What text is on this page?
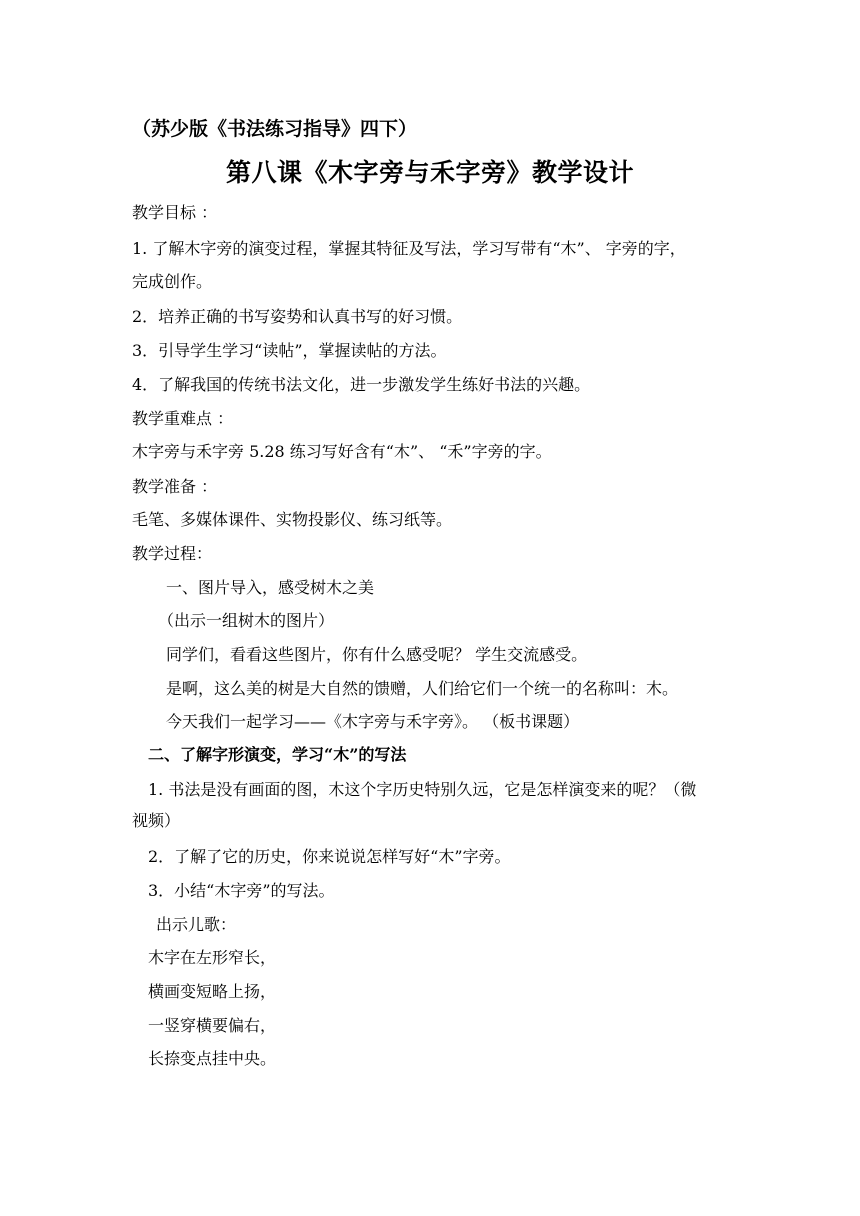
（苏少版《书法练习指导》四下）
第八课《木字旁与禾字旁》教学设计
教学目标 ：
1. 了解木字旁的演变过程，掌握其特征及写法，学习写带有“木”、 字旁的字，
完成创作。
2．培养正确的书写姿势和认真书写的好习惯。
3．引导学生学习“读帖”，掌握读帖的方法。
4．了解我国的传统书法文化，进一步激发学生练好书法的兴趣。
教学重难点 ：
木字旁与禾字旁 5.28 练习写好含有“木”、 “禾”字旁的字。
教学准备 ：
毛笔、多媒体课件、实物投影仪、练习纸等。
教学过程：
一、图片导入，感受树木之美
（出示一组树木的图片）
同学们，看看这些图片，你有什么感受呢？ 学生交流感受。
是啊，这么美的树是大自然的馈赠，人们给它们一个统一的名称叫：木。
今天我们一起学习——《木字旁与禾字旁》。 （板书课题）
二、了解字形演变，学习“木”的写法
1. 书法是没有画面的图，木这个字历史特别久远，它是怎样演变来的呢？（微
视频）
2．了解了它的历史，你来说说怎样写好“木”字旁。
3．小结“木字旁”的写法。
出示儿歌：
木字在左形窄长，
横画变短略上扬，
一竖穿横要偏右，
长捺变点挂中央。
